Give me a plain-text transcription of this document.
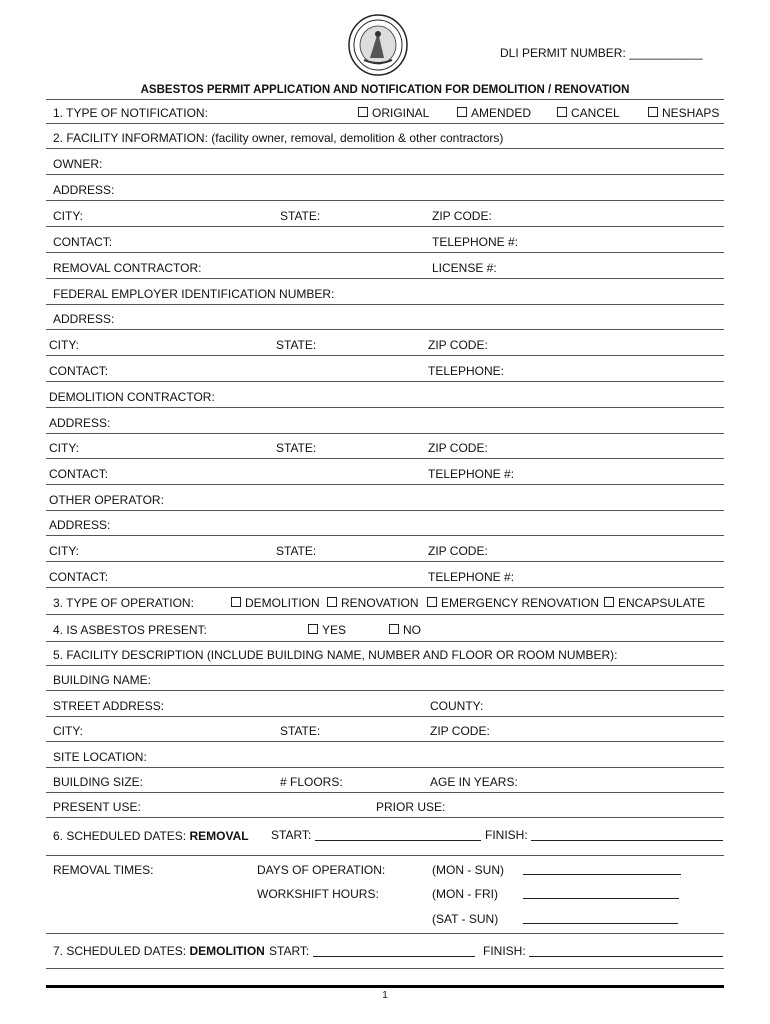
DLI PERMIT NUMBER: ___________
ASBESTOS PERMIT APPLICATION AND NOTIFICATION FOR DEMOLITION / RENOVATION
1. TYPE OF NOTIFICATION:	ORIGINAL	AMENDED	CANCEL	NESHAPS
2. FACILITY INFORMATION: (facility owner, removal, demolition & other contractors)
OWNER:
ADDRESS:
CITY:	STATE:	ZIP CODE:
CONTACT:	TELEPHONE #:
REMOVAL CONTRACTOR:	LICENSE #:
FEDERAL EMPLOYER IDENTIFICATION NUMBER:
ADDRESS:
CITY:	STATE:	ZIP CODE:
CONTACT:	TELEPHONE:
DEMOLITION CONTRACTOR:
ADDRESS:
CITY:	STATE:	ZIP CODE:
CONTACT:	TELEPHONE #:
OTHER OPERATOR:
ADDRESS:
CITY:	STATE:	ZIP CODE:
CONTACT:	TELEPHONE #:
3. TYPE OF OPERATION:	DEMOLITION	RENOVATION	EMERGENCY RENOVATION	ENCAPSULATE
4. IS ASBESTOS PRESENT:	YES	NO
5. FACILITY DESCRIPTION (INCLUDE BUILDING NAME, NUMBER AND FLOOR OR ROOM NUMBER):
BUILDING NAME:
STREET ADDRESS:	COUNTY:
CITY:	STATE:	ZIP CODE:
SITE LOCATION:
BUILDING SIZE:	# FLOORS:	AGE IN YEARS:
PRESENT USE:	PRIOR USE:
6. SCHEDULED DATES: REMOVAL START:	FINISH:
REMOVAL TIMES:	DAYS OF OPERATION:	(MON - SUN)
WORKSHIFT HOURS:	(MON - FRI)
(SAT - SUN)
7. SCHEDULED DATES: DEMOLITION START:	FINISH:
1
